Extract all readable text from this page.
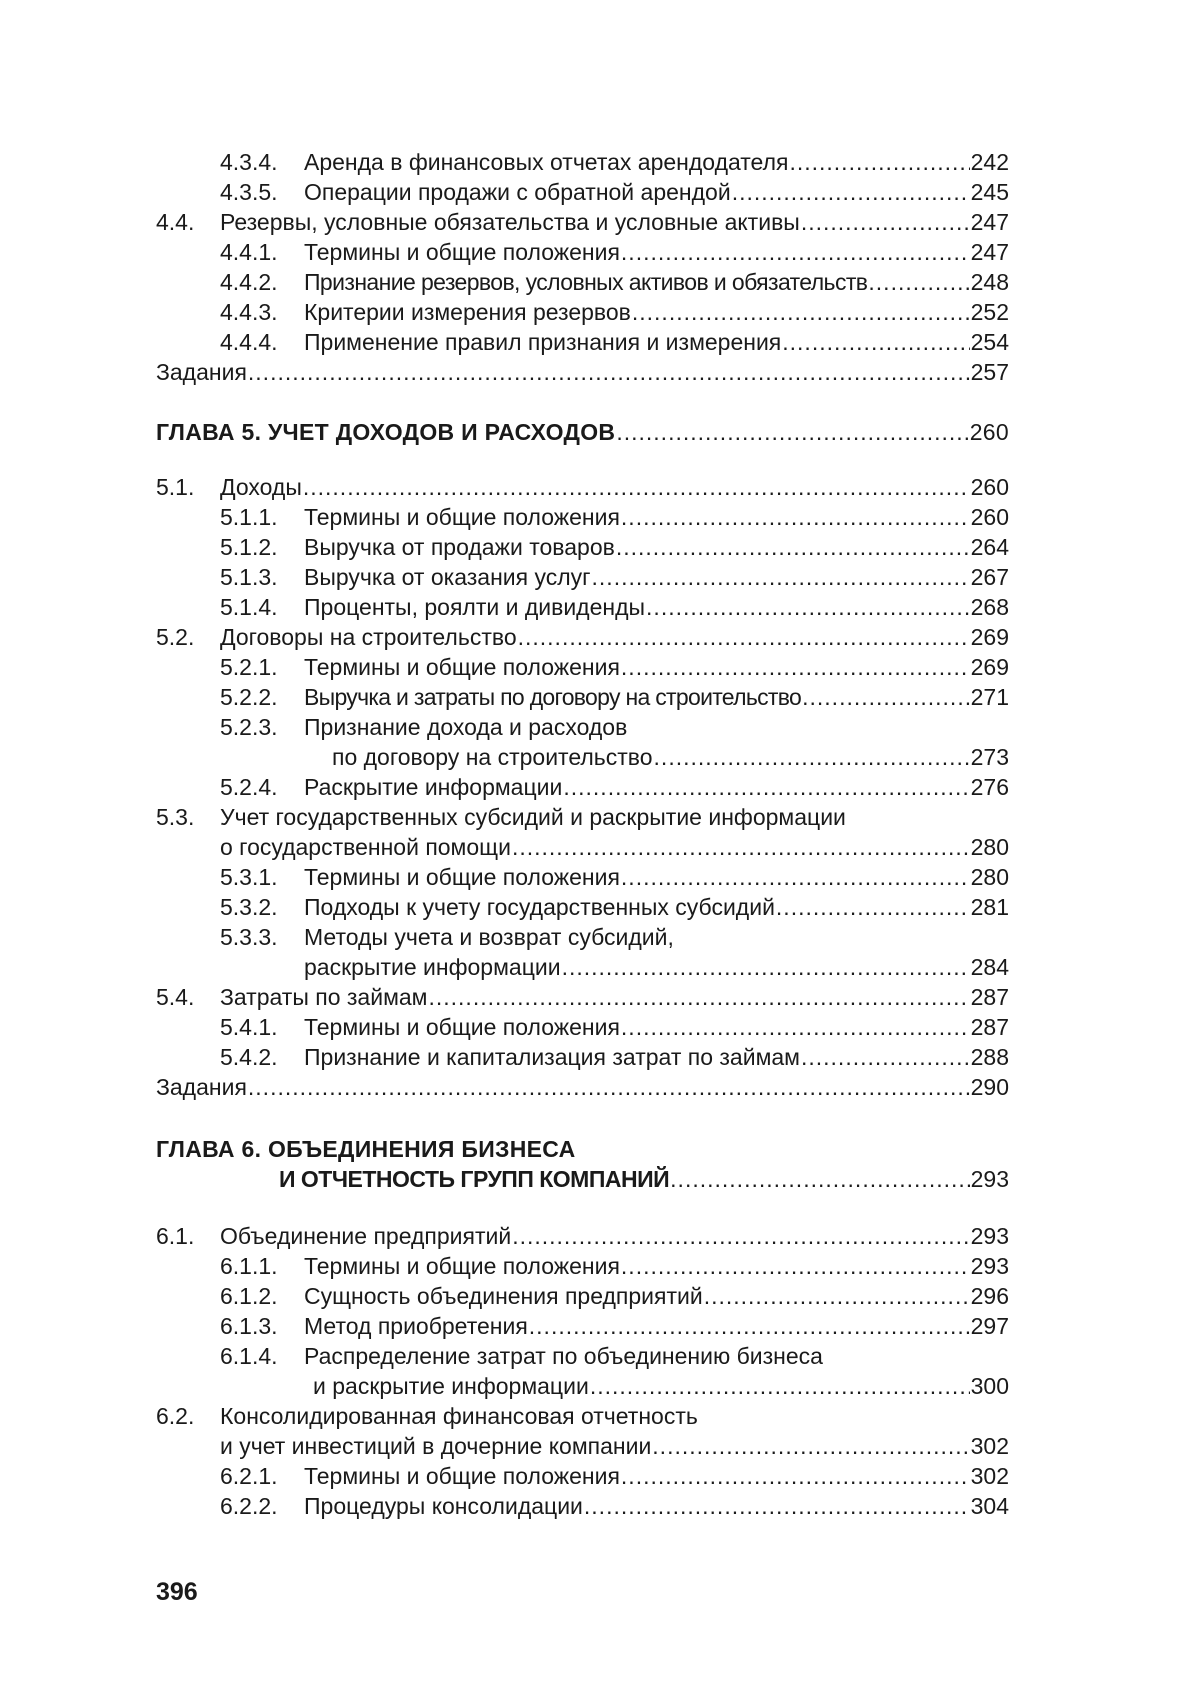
4.3.4.	Аренда в финансовых отчетах арендодателя .....	242
4.3.5.	Операции продажи с обратной арендой .....	245
4.4.	Резервы, условные обязательства и условные активы .....	247
4.4.1.	Термины и общие положения .....	247
4.4.2.	Признание резервов, условных активов и обязательств .....	248
4.4.3.	Критерии измерения резервов .....	252
4.4.4.	Применение правил признания и измерения .....	254
Задания .....	257
ГЛАВА 5. УЧЕТ ДОХОДОВ И РАСХОДОВ .....	260
5.1.	Доходы .....	260
5.1.1.	Термины и общие положения .....	260
5.1.2.	Выручка от продажи товаров .....	264
5.1.3.	Выручка от оказания услуг .....	267
5.1.4.	Проценты, роялти и дивиденды .....	268
5.2.	Договоры на строительство .....	269
5.2.1.	Термины и общие положения .....	269
5.2.2.	Выручка и затраты по договору на строительство .....	271
5.2.3.	Признание дохода и расходов
по договору на строительство .....	273
5.2.4.	Раскрытие информации .....	276
5.3.	Учет государственных субсидий и раскрытие информации
о государственной помощи .....	280
5.3.1.	Термины и общие положения .....	280
5.3.2.	Подходы к учету государственных субсидий .....	281
5.3.3.	Методы учета и возврат субсидий,
раскрытие информации .....	284
5.4.	Затраты по займам .....	287
5.4.1.	Термины и общие положения .....	287
5.4.2.	Признание и капитализация затрат по займам .....	288
Задания .....	290
ГЛАВА 6. ОБЪЕДИНЕНИЯ БИЗНЕСА
И ОТЧЕТНОСТЬ ГРУПП КОМПАНИЙ .....	293
6.1.	Объединение предприятий .....	293
6.1.1.	Термины и общие положения .....	293
6.1.2.	Сущность объединения предприятий .....	296
6.1.3.	Метод приобретения .....	297
6.1.4.	Распределение затрат по объединению бизнеса
и раскрытие информации .....	300
6.2.	Консолидированная финансовая отчетность
и учет инвестиций в дочерние компании .....	302
6.2.1.	Термины и общие положения .....	302
6.2.2.	Процедуры консолидации .....	304
396
